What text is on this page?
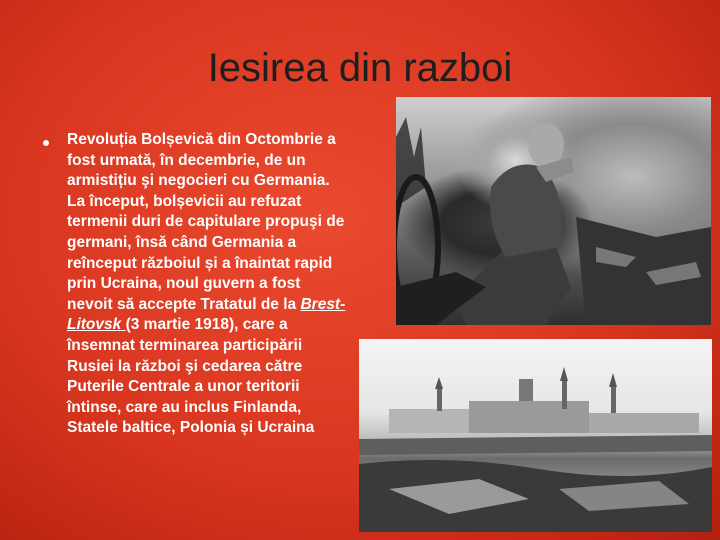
Iesirea din razboi
Revoluția Bolșevică din Octombrie a fost urmată, în decembrie, de un armistițiu şi negocieri cu Germania. La început, bolșevicii au refuzat termenii duri de capitulare propuşi de germani, însă când Germania a reînceput războiul și a înaintat rapid prin Ucraina, noul guvern a fost nevoit să accepte Tratatul de la Brest-Litovsk (3 martie 1918), care a însemnat terminarea participării Rusiei la război şi cedarea către Puterile Centrale a unor teritorii întinse, care au inclus Finlanda, Statele baltice, Polonia și Ucraina
